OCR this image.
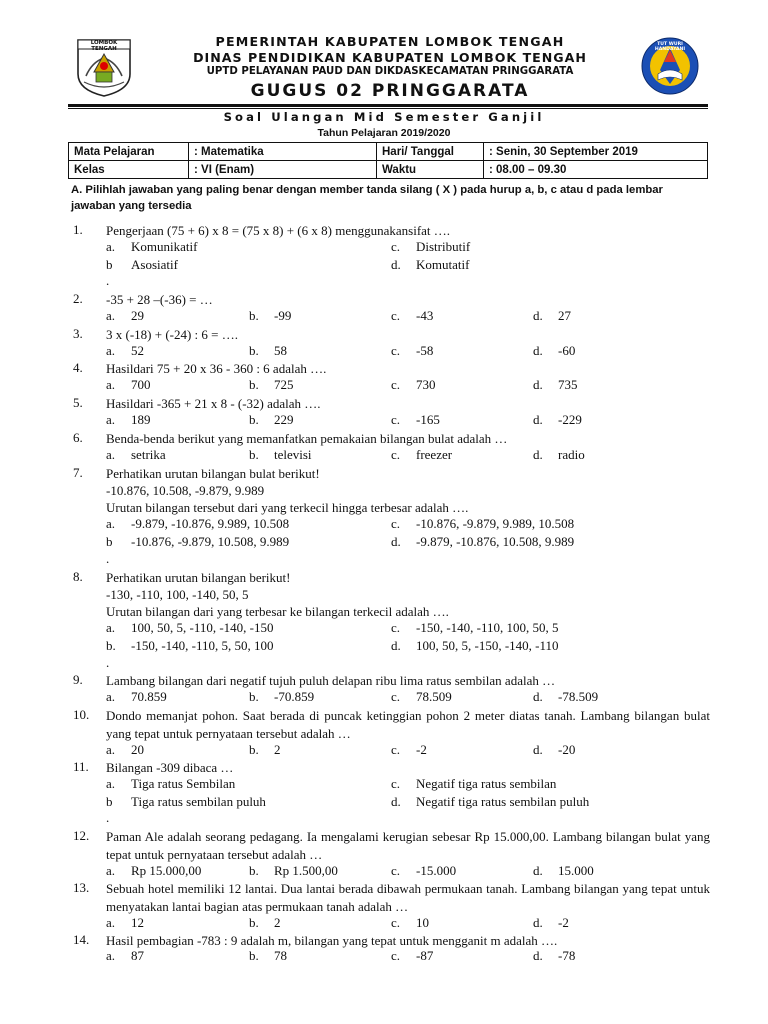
LOMBOK TENGAH
TUT WURI HANDAYANI
PEMERINTAH KABUPATEN LOMBOK TENGAH
DINAS PENDIDIKAN KABUPATEN LOMBOK TENGAH
UPTD PELAYANAN PAUD DAN DIKDASKECAMATAN PRINGGARATA
GUGUS 02 PRINGGARATA
Soal Ulangan Mid Semester Ganjil
Tahun Pelajaran 2019/2020
Mata Pelajaran	: Matematika	Hari/ Tanggal	: Senin, 30 September 2019
Kelas	: VI (Enam)	Waktu	: 08.00 – 09.30
A. Pilihlah jawaban yang paling benar dengan member tanda silang ( X ) pada hurup a, b, c atau d pada lembar jawaban yang tersedia
1. Pengerjaan (75 + 6) x 8 = (75 x 8) + (6 x 8) menggunakansifat ….
a. Komunikatif	c. Distributif
b Asosiatif	d. Komutatif
.
2. -35 + 28 –(-36) = …
a. 29	b. -99	c. -43	d. 27
3. 3 x (-18) + (-24) : 6 = ….
a. 52	b. 58	c. -58	d. -60
4. Hasildari 75 + 20 x 36 - 360 : 6 adalah ….
a. 700	b. 725	c. 730	d. 735
5. Hasildari -365 + 21 x 8 - (-32) adalah ….
a. 189	b. 229	c. -165	d. -229
6. Benda-benda berikut yang memanfatkan pemakaian bilangan bulat adalah …
a. setrika	b. televisi	c. freezer	d. radio
7. Perhatikan urutan bilangan bulat berikut!
-10.876, 10.508, -9.879, 9.989
Urutan bilangan tersebut dari yang terkecil hingga terbesar adalah ….
a. -9.879, -10.876, 9.989, 10.508	c. -10.876, -9.879, 9.989, 10.508
b -10.876, -9.879, 10.508, 9.989	d. -9.879, -10.876, 10.508, 9.989
.
8. Perhatikan urutan bilangan berikut!
-130, -110, 100, -140, 50, 5
Urutan bilangan dari yang terbesar ke bilangan terkecil adalah ….
a. 100, 50, 5, -110, -140, -150	c. -150, -140, -110, 100, 50, 5
b. -150, -140, -110, 5, 50, 100	d. 100, 50, 5, -150, -140, -110
.
9. Lambang bilangan dari negatif tujuh puluh delapan ribu lima ratus sembilan adalah …
a. 70.859	b. -70.859	c. 78.509	d. -78.509
10. Dondo memanjat pohon. Saat berada di puncak ketinggian pohon 2 meter diatas tanah. Lambang bilangan bulat yang tepat untuk pernyataan tersebut adalah …
a. 20	b. 2	c. -2	d. -20
11. Bilangan -309 dibaca …
a. Tiga ratus Sembilan	c. Negatif tiga ratus sembilan
b Tiga ratus sembilan puluh	d. Negatif tiga ratus sembilan puluh
.
12. Paman Ale adalah seorang pedagang. Ia mengalami kerugian sebesar Rp 15.000,00. Lambang bilangan bulat yang tepat untuk pernyataan tersebut adalah …
a. Rp 15.000,00	b. Rp 1.500,00	c. -15.000	d. 15.000
13. Sebuah hotel memiliki 12 lantai. Dua lantai berada dibawah permukaan tanah. Lambang bilangan yang tepat untuk menyatakan lantai bagian atas permukaan tanah adalah …
a. 12	b. 2	c. 10	d. -2
14. Hasil pembagian -783 : 9 adalah m, bilangan yang tepat untuk mengganit m adalah ….
a. 87	b. 78	c. -87	d. -78
